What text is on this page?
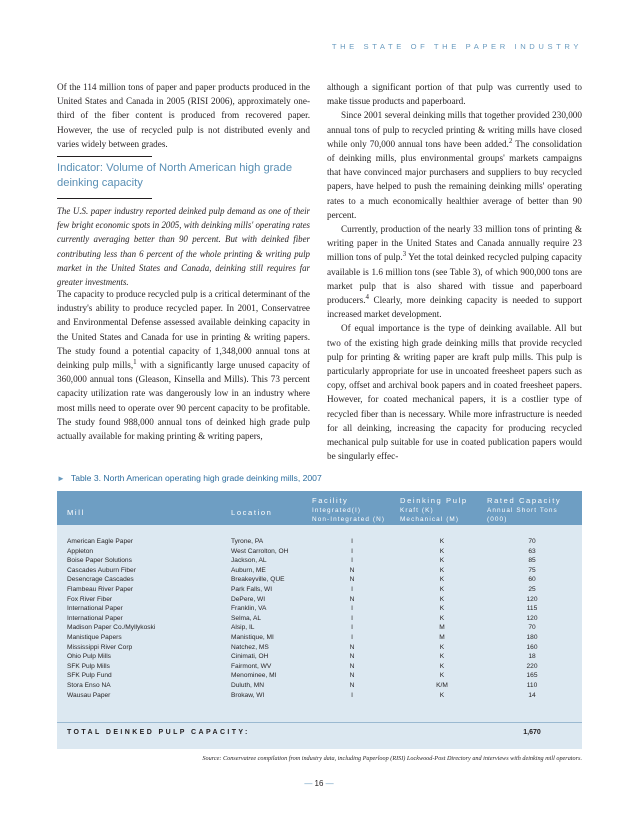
THE STATE OF THE PAPER INDUSTRY

Of the 114 million tons of paper and paper products produced in the United States and Canada in 2005 (RISI 2006), approximately one-third of the fiber content is produced from recovered paper. However, the use of recycled pulp is not distributed evenly and varies widely between grades.

Indicator: Volume of North American high grade deinking capacity
The U.S. paper industry reported deinked pulp demand as one of their few bright economic spots in 2005, with deinking mills' operating rates currently averaging better than 90 percent. But with deinked fiber contributing less than 6 percent of the whole printing & writing pulp market in the United States and Canada, deinking still requires far greater investments.
The capacity to produce recycled pulp is a critical determinant of the industry's ability to produce recycled paper. In 2001, Conservatree and Environmental Defense assessed available deinking capacity in the United States and Canada for use in printing & writing papers. The study found a potential capacity of 1,348,000 annual tons at deinking pulp mills,$^1$ with a significantly large unused capacity of 360,000 annual tons (Gleason, Kinsella and Mills). This 73 percent capacity utilization rate was dangerously low in an industry where most mills need to operate over 90 percent capacity to be profitable. The study found 988,000 annual tons of deinked high grade pulp actually available for making printing & writing papers,

although a significant portion of that pulp was currently used to make tissue products and paperboard.

Since 2001 several deinking mills that together provided 230,000 annual tons of pulp to recycled printing & writing mills have closed while only 70,000 annual tons have been added.$^2$ The consolidation of deinking mills, plus environmental groups' markets campaigns that have convinced major purchasers and suppliers to buy recycled papers, have helped to push the remaining deinking mills' operating rates to a much economically healthier average of better than 90 percent.

Currently, production of the nearly 33 million tons of printing & writing paper in the United States and Canada annually require 23 million tons of pulp.$^3$ Yet the total deinked recycled pulping capacity available is 1.6 million tons (see Table 3), of which 900,000 tons are market pulp that is also shared with tissue and paperboard producers.$^4$ Clearly, more deinking capacity is needed to support increased market development.

Of equal importance is the type of deinking available. All but two of the existing high grade deinking mills that provide recycled pulp for printing & writing paper are kraft pulp mills. This pulp is particularly appropriate for use in uncoated freesheet papers such as copy, offset and archival book papers and in coated freesheet papers. However, for coated mechanical papers, it is a costlier type of recycled fiber than is necessary. While more infrastructure is needed for all deinking, increasing the capacity for producing recycled mechanical pulp suitable for use in coated publication papers would be singularly effec-

► Table 3. North American operating high grade deinking mills, 2007
Mill	Location
Facility
Integrated(I)
Non-Integrated (N)
Deinking Pulp
Kraft (K)
Mechanical (M)
Rated Capacity
Annual Short Tons
(000)
American Eagle Paper	Tyrone, PA	I	K	70
Appleton	West Carrolton, OH	I	K	63
Boise Paper Solutions	Jackson, AL	I	K	85
Cascades Auburn Fiber	Auburn, ME	N	K	75
Desencrage Cascades	Breakeyville, QUE	N	K	60
Flambeau River Paper	Park Falls, WI	I	K	25
Fox River Fiber	DePere, WI	N	K	120
International Paper	Franklin, VA	I	K	115
International Paper	Selma, AL	I	K	120
Madison Paper Co./Myllykoski	Alsip, IL	I	M	70
Manistique Papers	Manistique, MI	I	M	180
Mississippi River Corp	Natchez, MS	N	K	160
Ohio Pulp Mills	Cinimati, OH	N	K	18
SFK Pulp Mills	Fairmont, WV	N	K	220
SFK Pulp Fund	Menominee, MI	N	K	165
Stora Enso NA	Duluth, MN	N	K/M	110
Wausau Paper	Brokaw, WI	I	K	14
TOTAL DEINKED PULP CAPACITY:	1,670
Source: Conservatree compilation from industry data, including Paperloop (RISI) Lockwood-Post Directory and interviews with deinking mill operators.
— 16 —
